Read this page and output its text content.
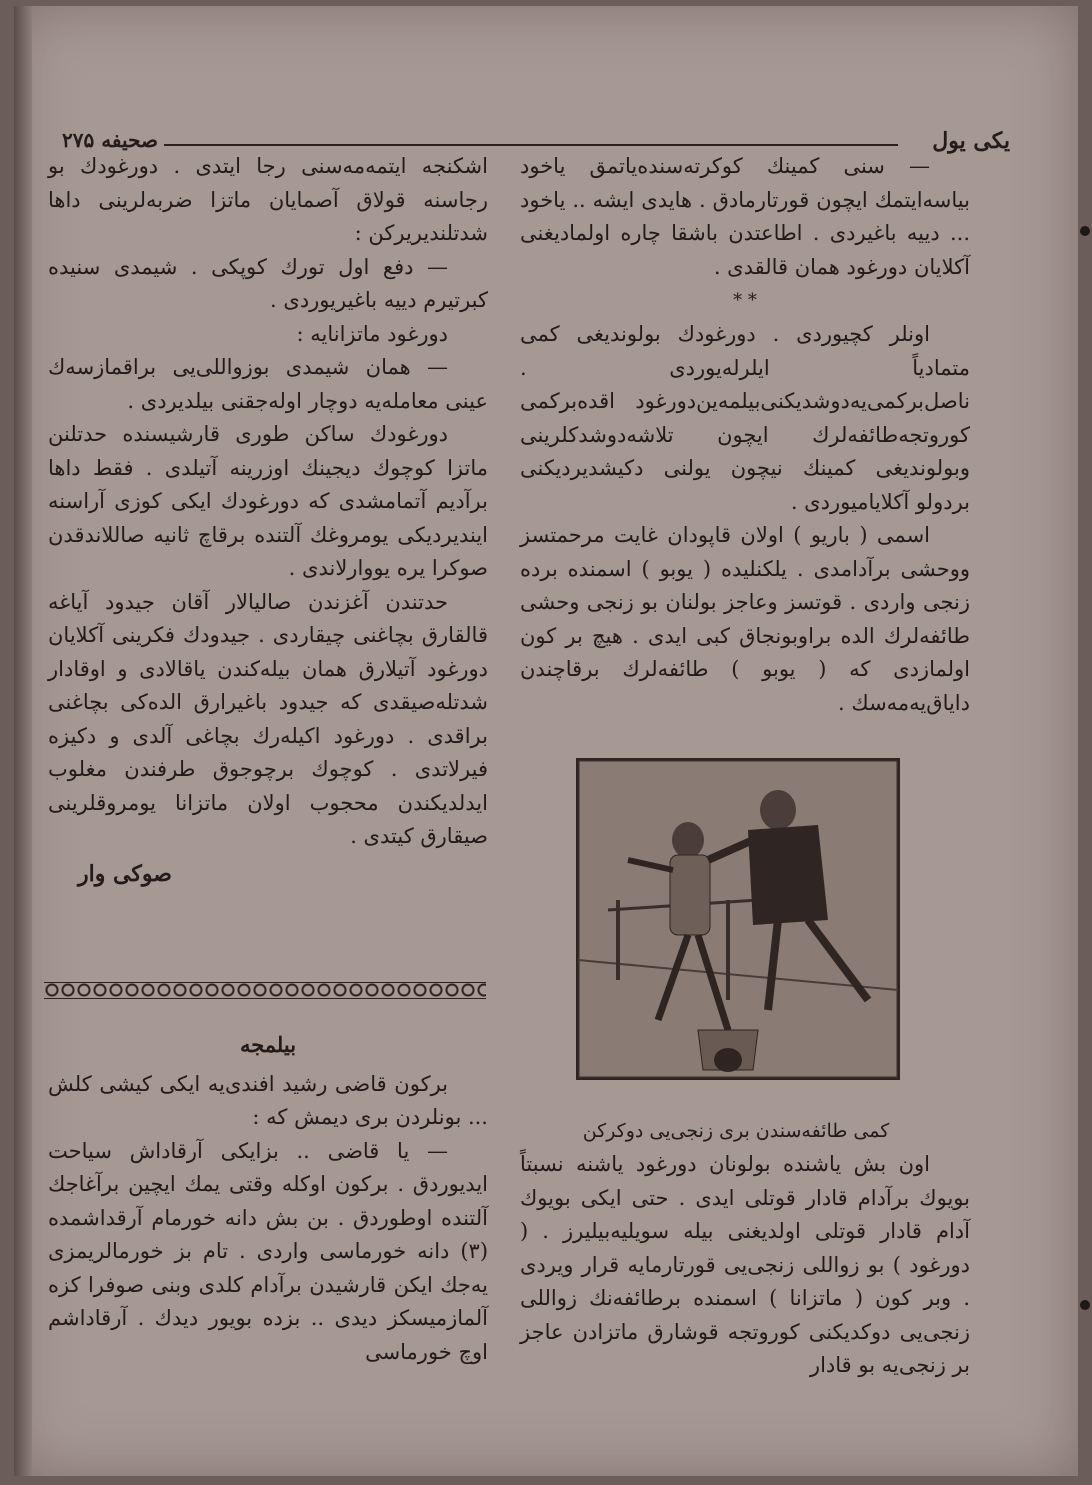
صحیفه ۲۷۵	یکی یول

— سنی کمینك کوکرته‌سنده‌یاتمق یاخود بیاسه‌ایتمك ایچون قورتارمادق . هایدی ایشه .. یاخود ... دییه باغیردی . اطاعتدن باشقا چاره اولمادیغنی آکلایان دورغود همان قالقدی .

* *

اونلر کچیوردی . دورغودك بولوندیغی کمی متمادیاً ایلرله‌یوردی . ناصل‌برکمی‌یه‌دوشدیکنی‌بیلمه‌ین‌دورغود اقده‌برکمی کوروتجه‌طائفه‌لرك ایچون تلاشه‌دوشدکلرینی وبولوندیغی کمینك نیچون یولنی دکیشدیردیکنی بردولو آکلایامیوردی .

اسمی ( باریو ) اولان قاپودان غایت مرحمتسز ووحشی برآدامدی . یلکنلیده ( یوبو ) اسمنده برده زنجی واردی . قوتسز وعاجز بولنان بو زنجی وحشی طائفه‌لرك الده براوبونجاق کبی ایدی . هیچ بر کون اولمازدی که ( یوبو ) طائفه‌لرك برقاچندن دایاق‌یه‌مه‌سك .

کمی طائفه‌سندن بری زنجی‌یی دوکرکن

اون بش یاشنده بولونان دورغود یاشنه نسبتاً بویوك برآدام قادار قوتلی ایدی . حتی ایکی بویوك آدام قادار قوتلی اولدیغنی بیله سویلیه‌بیلیرز . ( دورغود ) بو زواللی زنجی‌یی قورتارمایه قرار ویردی . وبر کون ( ماتزانا ) اسمنده برطائفه‌نك زواللی زنجی‌یی دوکدیکنی کوروتجه قوشارق ماتزادن عاجز بر زنجی‌یه بو قادار

اشکنجه ایتمه‌مه‌سنی رجا ایتدی . دورغودك بو رجاسنه قولاق آصمایان ماتزا ضربه‌لرینی داها شدتلندیریرکن :

— دفع اول تورك کوپکی . شیمدی سنیده کبرتیرم دییه باغیریوردی .

دورغود ماتزانایه :

— همان شیمدی بوزواللی‌یی براقمازسه‌ك عینی معامله‌یه دوچار اوله‌جقنی بیلدیردی .

دورغودك ساکن طوری قارشیسنده حدتلنن ماتزا کوچوك دیجینك اوزرینه آتیلدی . فقط داها برآدیم آتمامشدی که دورغودك ایکی کوزی آراسنه ایندیردیکی یومروغك آلتنده برقاچ ثانیه صاللاندقدن صوکرا یره یووارلاندی .

حدتندن آغزندن صالیالار آقان جیدود آیاغه قالقارق بچاغنی چیقاردی . جیدودك فکرینی آکلایان دورغود آتیلارق همان بیله‌کندن یاقالادی و اوقادار شدتله‌صیقدی که جیدود باغیرارق الده‌کی بچاغنی براقدی . دورغود اکیله‌رك بچاغی آلدی و دکیزه فیرلاتدی . کوچوك برچوجوق طرفندن مغلوب ایدلدیکندن محجوب اولان ماتزانا یومروقلرینی صیقارق کیتدی .

صوکی وار
بیلمجه

برکون قاضی رشید افندی‌یه ایکی کیشی کلش ... بونلردن بری دیمش که :

— یا قاضی .. بزایکی آرقاداش سیاحت ایدیوردق . برکون اوکله وقتی یمك ایچین برآغاجك آلتنده اوطوردق . بن بش دانه خورمام آرقداشمده (۳) دانه خورماسی واردی . تام بز خورمالریمزی یه‌جك ایکن قارشیدن برآدام کلدی وبنی صوفرا کزه آلمازمیسکز دیدی .. بزده بویور دیدك . آرقاداشم اوچ خورماسی
